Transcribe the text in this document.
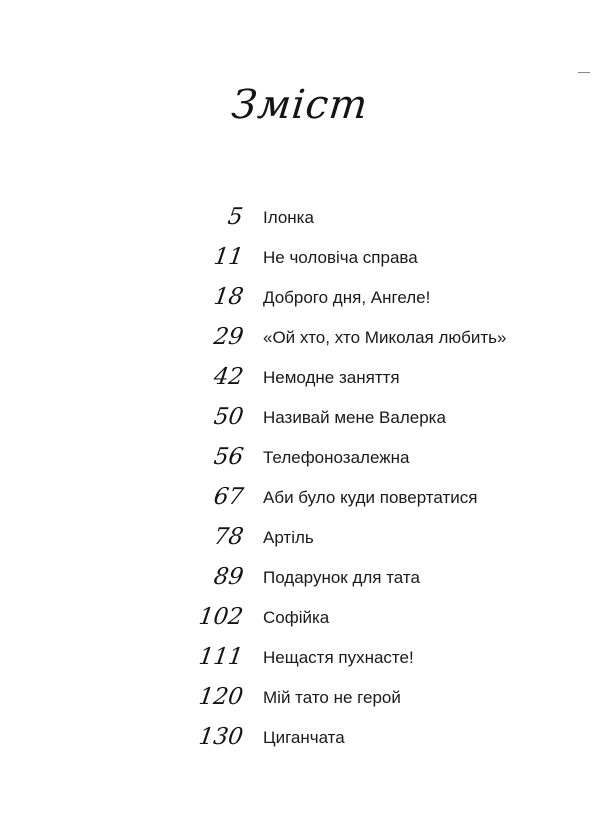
Зміст
5 Ілонка
11 Не чоловіча справа
18 Доброго дня, Ангеле!
29 «Ой хто, хто Миколая любить»
42 Немодне заняття
50 Називай мене Валерка
56 Телефонозалежна
67 Аби було куди повертатися
78 Артіль
89 Подарунок для тата
102 Софійка
111 Нещастя пухнасте!
120 Мій тато не герой
130 Циганчата
